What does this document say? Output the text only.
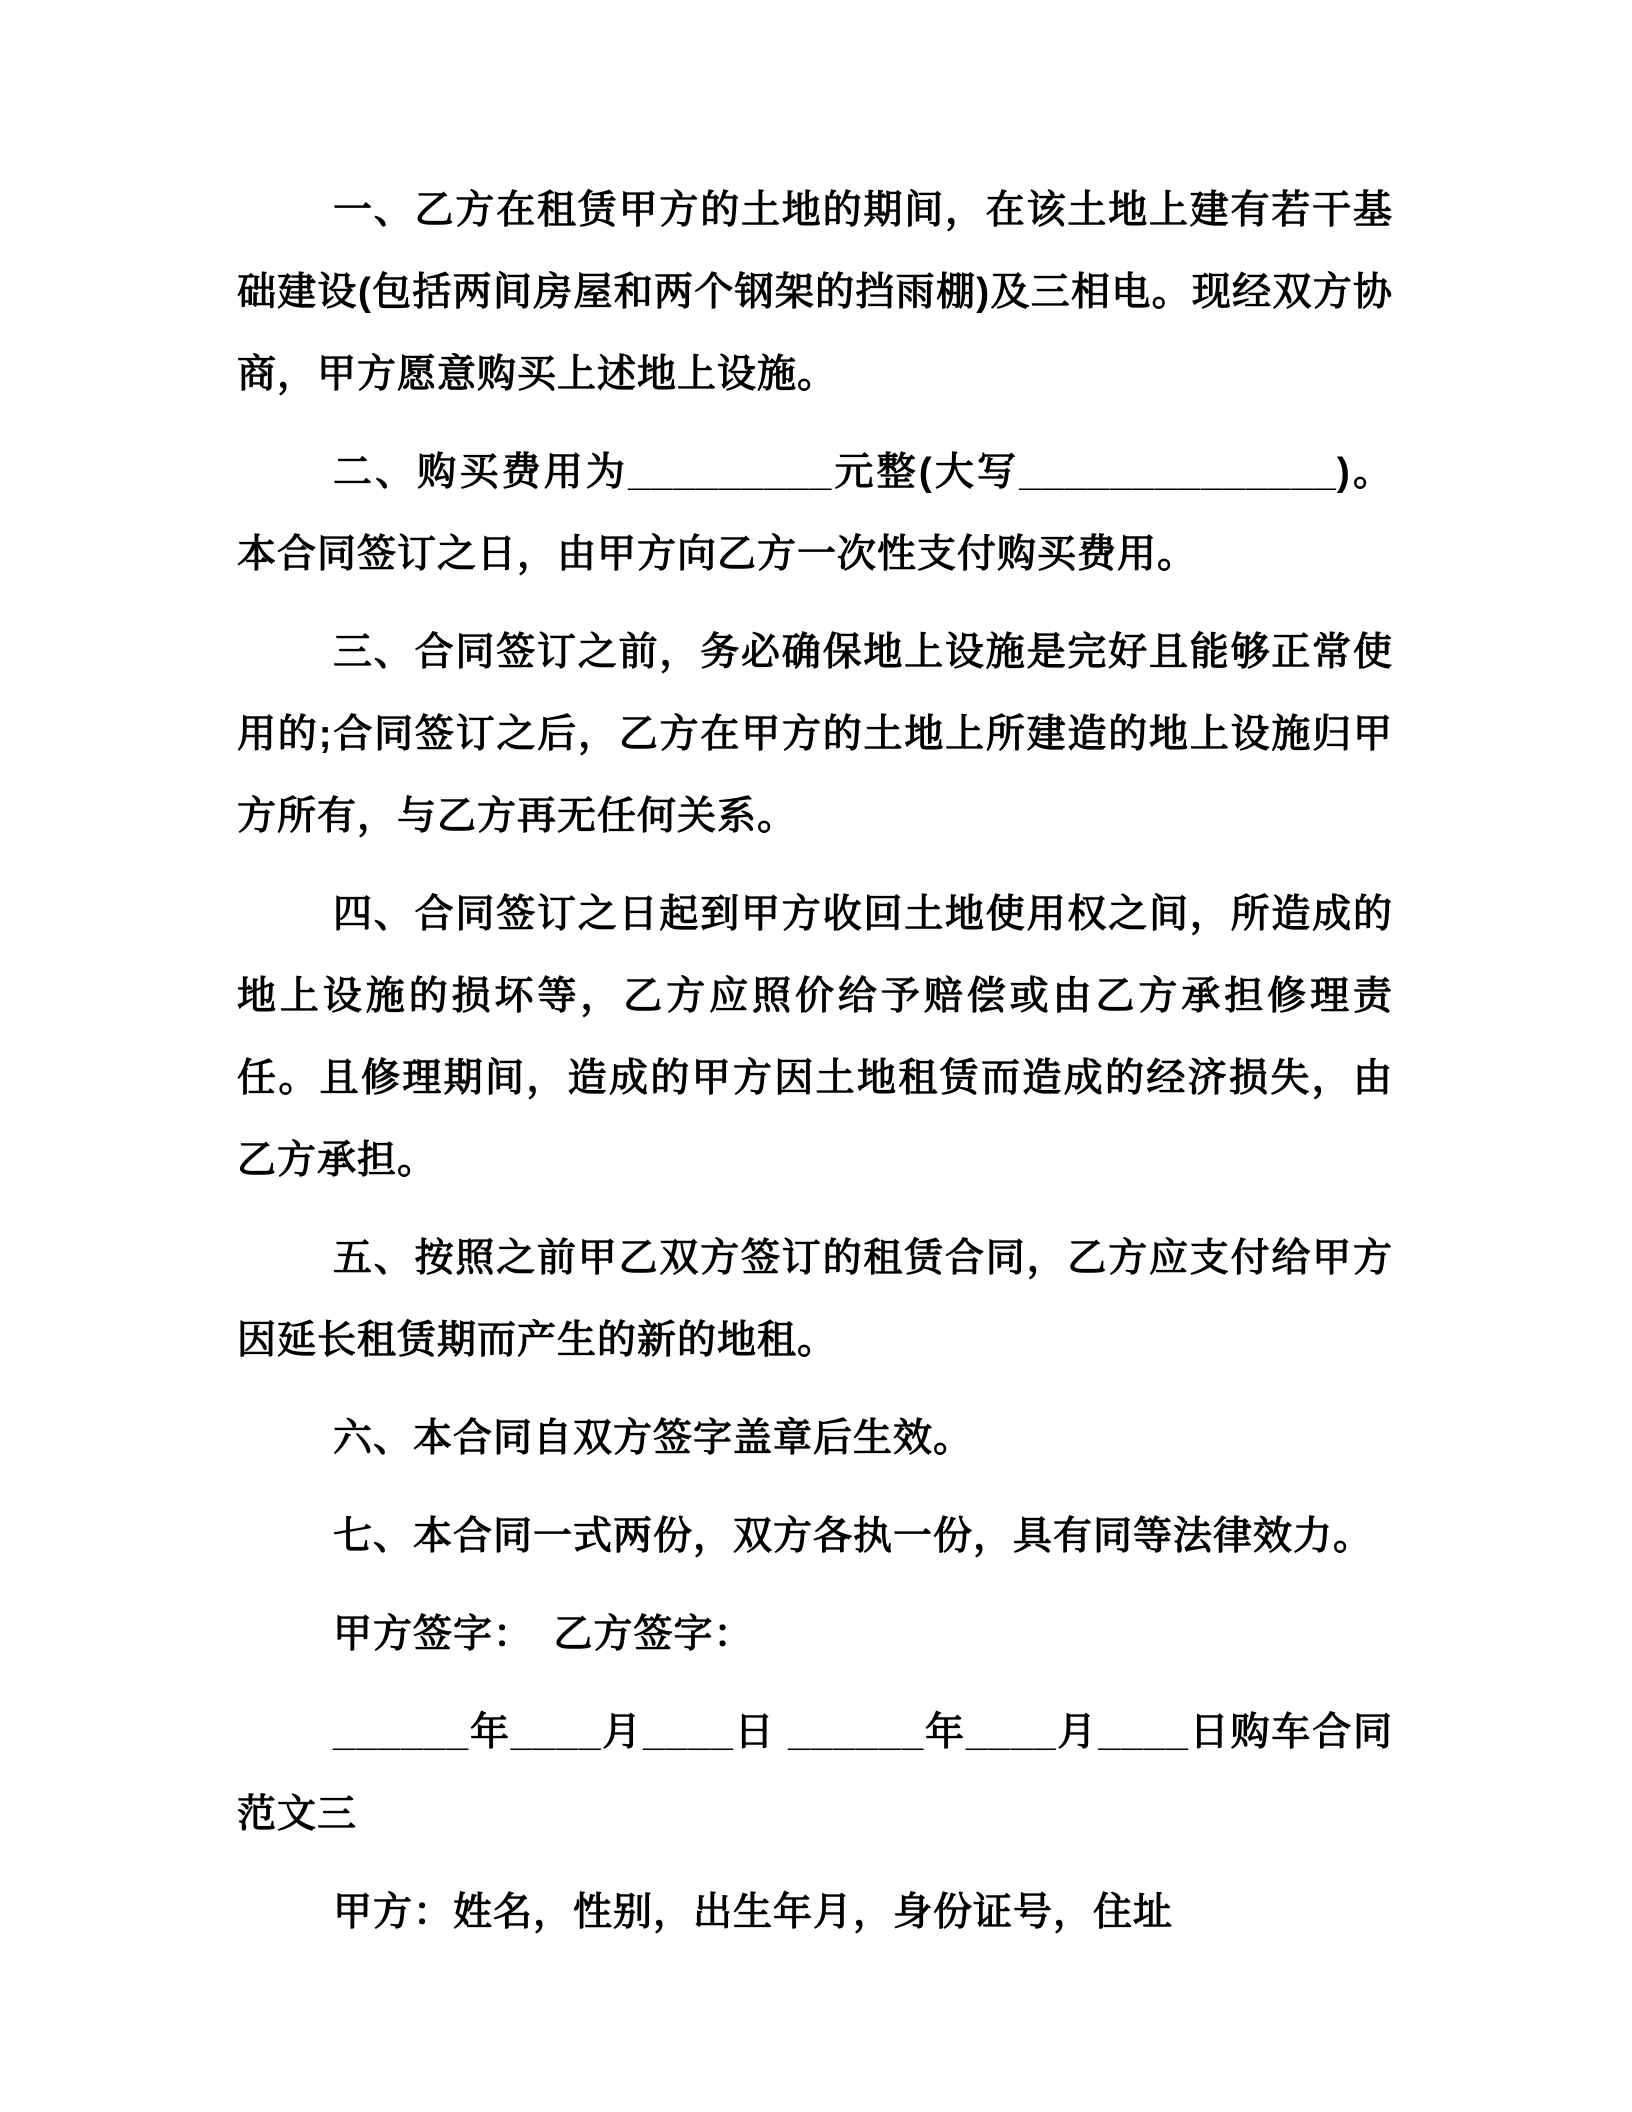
一、乙方在租赁甲方的土地的期间，在该土地上建有若干基础建设(包括两间房屋和两个钢架的挡雨棚)及三相电。现经双方协商，甲方愿意购买上述地上设施。

二、购买费用为_________元整(大写______________)。本合同签订之日，由甲方向乙方一次性支付购买费用。

三、合同签订之前，务必确保地上设施是完好且能够正常使用的;合同签订之后，乙方在甲方的土地上所建造的地上设施归甲方所有，与乙方再无任何关系。

四、合同签订之日起到甲方收回土地使用权之间，所造成的地上设施的损坏等，乙方应照价给予赔偿或由乙方承担修理责任。且修理期间，造成的甲方因土地租赁而造成的经济损失，由乙方承担。

五、按照之前甲乙双方签订的租赁合同，乙方应支付给甲方因延长租赁期而产生的新的地租。

六、本合同自双方签字盖章后生效。

七、本合同一式两份，双方各执一份，具有同等法律效力。

甲方签字：　乙方签字：

______年____月____日 ______年____月____日购车合同范文三

甲方：姓名，性别，出生年月，身份证号，住址
